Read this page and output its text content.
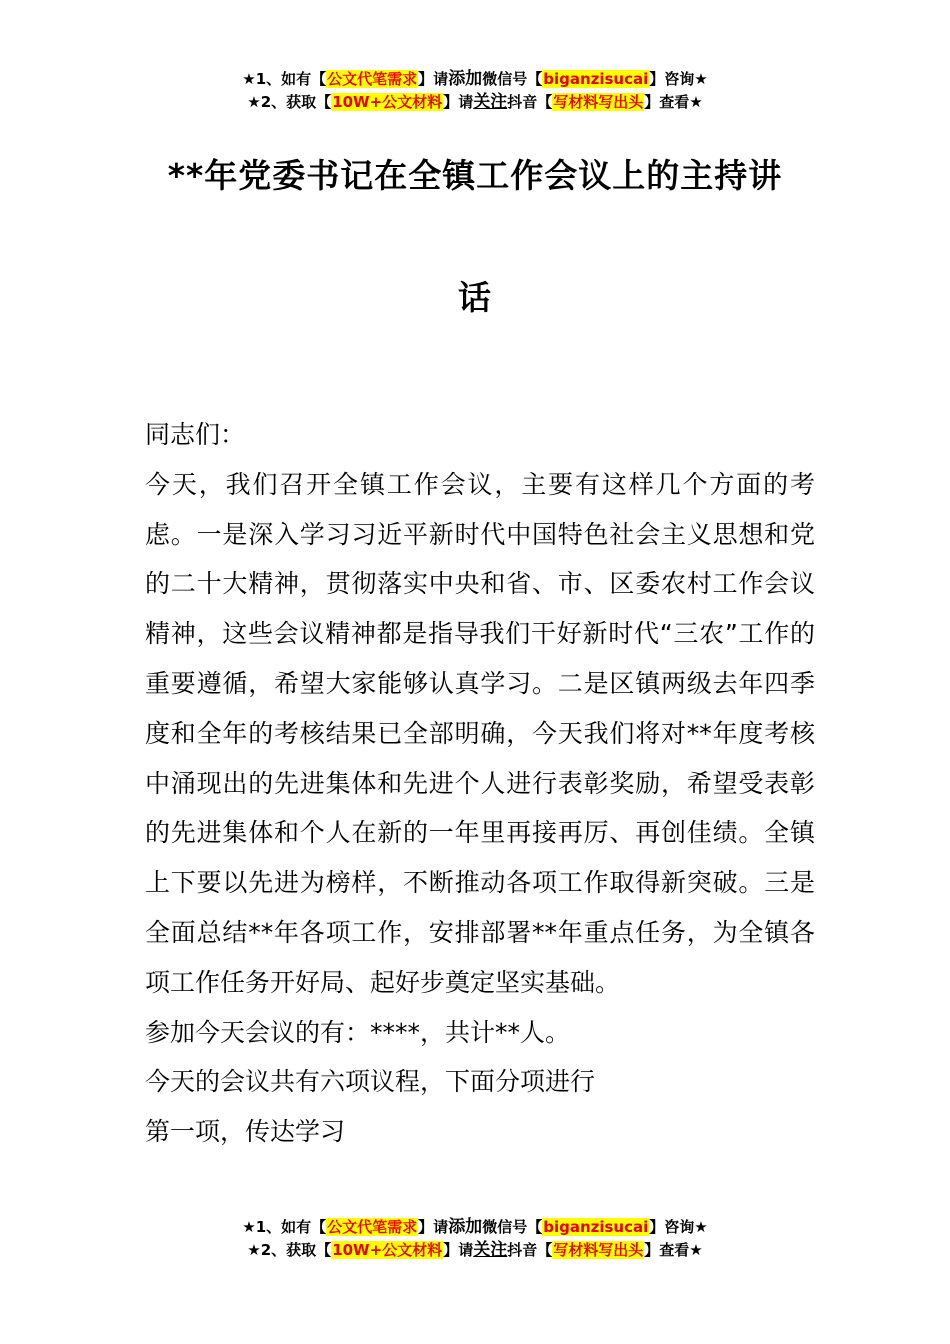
★1、如有【公文代笔需求】请添加微信号【biganzisucai】咨询★
★2、获取【10W+公文材料】请关注抖音【写材料写出头】查看★
**年党委书记在全镇工作会议上的主持讲
话

同志们：

今天，我们召开全镇工作会议，主要有这样几个方面的考虑。一是深入学习习近平新时代中国特色社会主义思想和党的二十大精神，贯彻落实中央和省、市、区委农村工作会议精神，这些会议精神都是指导我们干好新时代“三农”工作的重要遵循，希望大家能够认真学习。二是区镇两级去年四季度和全年的考核结果已全部明确，今天我们将对**年度考核中涌现出的先进集体和先进个人进行表彰奖励，希望受表彰的先进集体和个人在新的一年里再接再厉、再创佳绩。全镇上下要以先进为榜样，不断推动各项工作取得新突破。三是全面总结**年各项工作，安排部署**年重点任务，为全镇各项工作任务开好局、起好步奠定坚实基础。

参加今天会议的有：****，共计**人。

今天的会议共有六项议程，下面分项进行

第一项，传达学习

★1、如有【公文代笔需求】请添加微信号【biganzisucai】咨询★
★2、获取【10W+公文材料】请关注抖音【写材料写出头】查看★
